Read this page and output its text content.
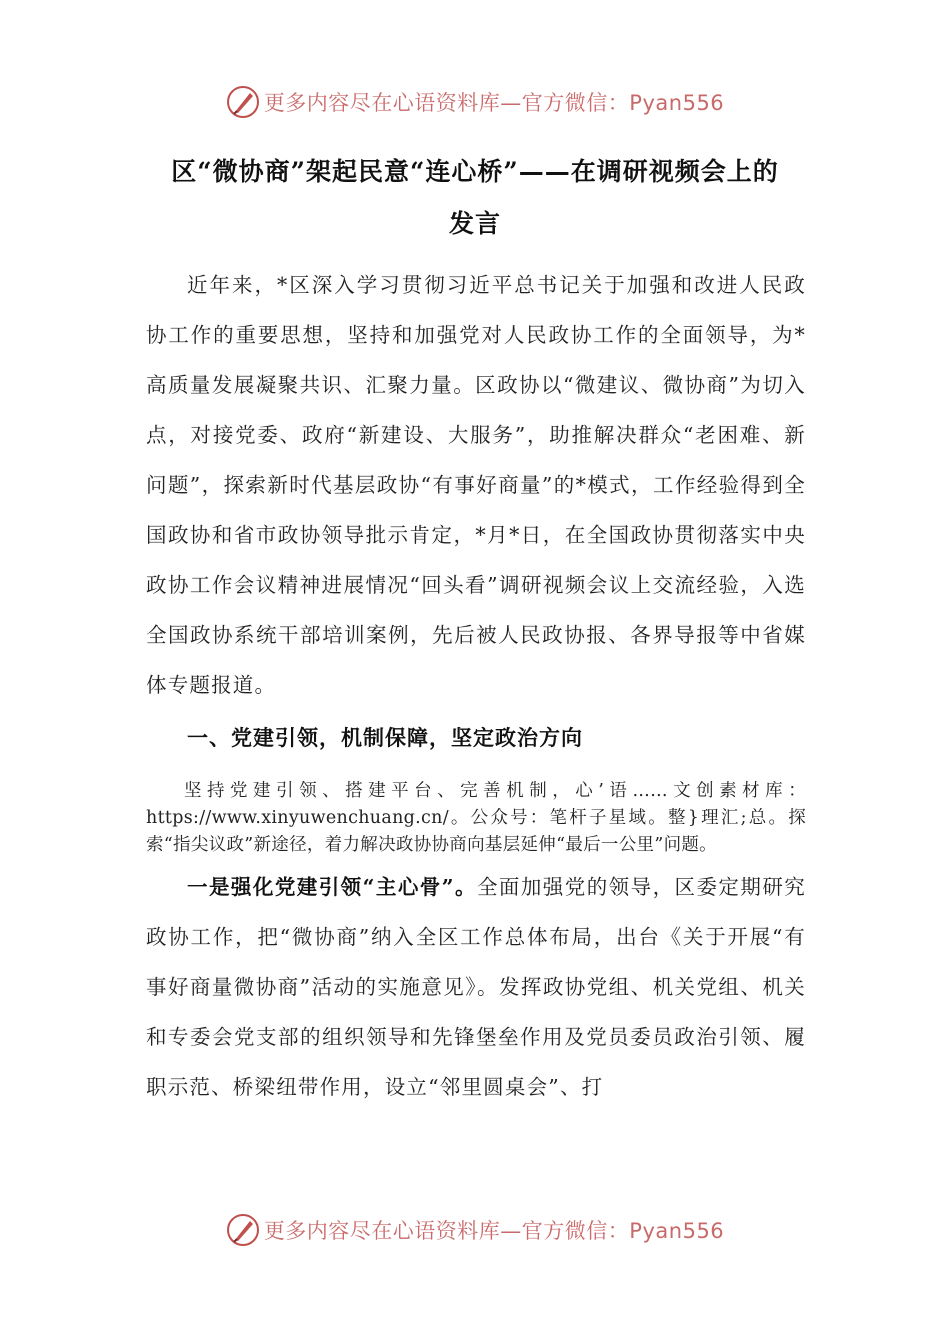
更多内容尽在心语资料库—官方微信：Pyan556
区“微协商”架起民意“连心桥”——在调研视频会上的
发言
近年来，*区深入学习贯彻习近平总书记关于加强和改进人民政协工作的重要思想，坚持和加强党对人民政协工作的全面领导，为*高质量发展凝聚共识、汇聚力量。区政协以“微建议、微协商”为切入点，对接党委、政府“新建设、大服务”，助推解决群众“老困难、新问题”，探索新时代基层政协“有事好商量”的*模式，工作经验得到全国政协和省市政协领导批示肯定，*月*日，在全国政协贯彻落实中央政协工作会议精神进展情况“回头看”调研视频会议上交流经验，入选全国政协系统干部培训案例，先后被人民政协报、各界导报等中省媒体专题报道。
一、党建引领，机制保障，坚定政治方向
坚持党建引领、搭建平台、完善机制，心’语……文创素材库：https://www.xinyuwenchuang.cn/。公众号：笔杆子星域。整}理汇;总。探索“指尖议政”新途径，着力解决政协协商向基层延伸“最后一公里”问题。
一是强化党建引领“主心骨”。全面加强党的领导，区委定期研究政协工作，把“微协商”纳入全区工作总体布局，出台《关于开展“有事好商量微协商”活动的实施意见》。发挥政协党组、机关党组、机关和专委会党支部的组织领导和先锋堡垒作用及党员委员政治引领、履职示范、桥梁纽带作用，设立“邻里圆桌会”、打
更多内容尽在心语资料库—官方微信：Pyan556
